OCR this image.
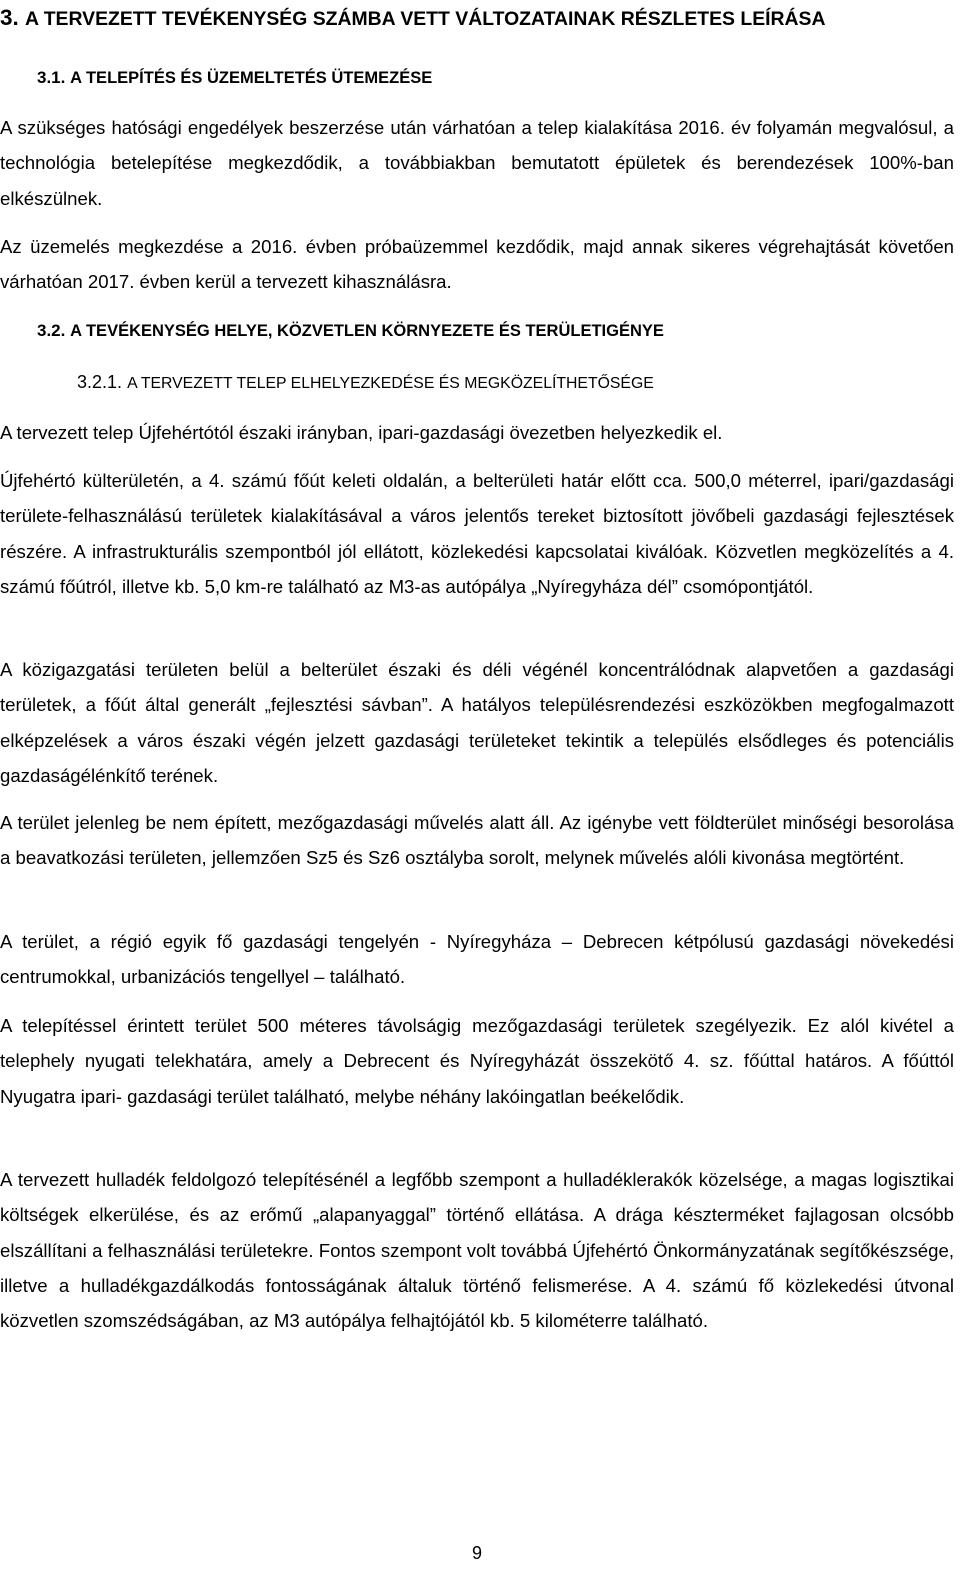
3. A TERVEZETT TEVÉKENYSÉG SZÁMBA VETT VÁLTOZATAINAK RÉSZLETES LEÍRÁSA
3.1. A TELEPÍTÉS ÉS ÜZEMELTETÉS ÜTEMEZÉSE

A szükséges hatósági engedélyek beszerzése után várhatóan a telep kialakítása 2016. év folyamán megvalósul, a technológia betelepítése megkezdődik, a továbbiakban bemutatott épületek és berendezések 100%-ban elkészülnek.

Az üzemelés megkezdése a 2016. évben próbaüzemmel kezdődik, majd annak sikeres végrehajtását követően várhatóan 2017. évben kerül a tervezett kihasználásra.

3.2. A TEVÉKENYSÉG HELYE, KÖZVETLEN KÖRNYEZETE ÉS TERÜLETIGÉNYE
3.2.1. A TERVEZETT TELEP ELHELYEZKEDÉSE ÉS MEGKÖZELÍTHETŐSÉGE

A tervezett telep Újfehértótól északi irányban, ipari-gazdasági övezetben helyezkedik el.

Újfehértó külterületén, a 4. számú főút keleti oldalán, a belterületi határ előtt cca. 500,0 méterrel, ipari/gazdasági területe-felhasználású területek kialakításával a város jelentős tereket biztosított jövőbeli gazdasági fejlesztések részére. A infrastrukturális szempontból jól ellátott, közlekedési kapcsolatai kiválóak. Közvetlen megközelítés a 4. számú főútról, illetve kb. 5,0 km-re található az M3-as autópálya „Nyíregyháza dél” csomópontjától.

A közigazgatási területen belül a belterület északi és déli végénél koncentrálódnak alapvetően a gazdasági területek, a főút által generált „fejlesztési sávban”. A hatályos településrendezési eszközökben megfogalmazott elképzelések a város északi végén jelzett gazdasági területeket tekintik a település elsődleges és potenciális gazdaságélénkítő terének.

A terület jelenleg be nem épített, mezőgazdasági művelés alatt áll. Az igénybe vett földterület minőségi besorolása a beavatkozási területen, jellemzően Sz5 és Sz6 osztályba sorolt, melynek művelés alóli kivonása megtörtént.

A terület, a régió egyik fő gazdasági tengelyén - Nyíregyháza – Debrecen kétpólusú gazdasági növekedési centrumokkal, urbanizációs tengellyel – található.

A telepítéssel érintett terület 500 méteres távolságig mezőgazdasági területek szegélyezik. Ez alól kivétel a telephely nyugati telekhatára, amely a Debrecent és Nyíregyházát összekötő 4. sz. főúttal határos. A főúttól Nyugatra ipari- gazdasági terület található, melybe néhány lakóingatlan beékelődik.

A tervezett hulladék feldolgozó telepítésénél a legfőbb szempont a hulladéklerakók közelsége, a magas logisztikai költségek elkerülése, és az erőmű „alapanyaggal” történő ellátása. A drága készterméket fajlagosan olcsóbb elszállítani a felhasználási területekre. Fontos szempont volt továbbá Újfehértó Önkormányzatának segítőkészsége, illetve a hulladékgazdálkodás fontosságának általuk történő felismerése. A 4. számú fő közlekedési útvonal közvetlen szomszédságában, az M3 autópálya felhajtójától kb. 5 kilométerre található.

9
